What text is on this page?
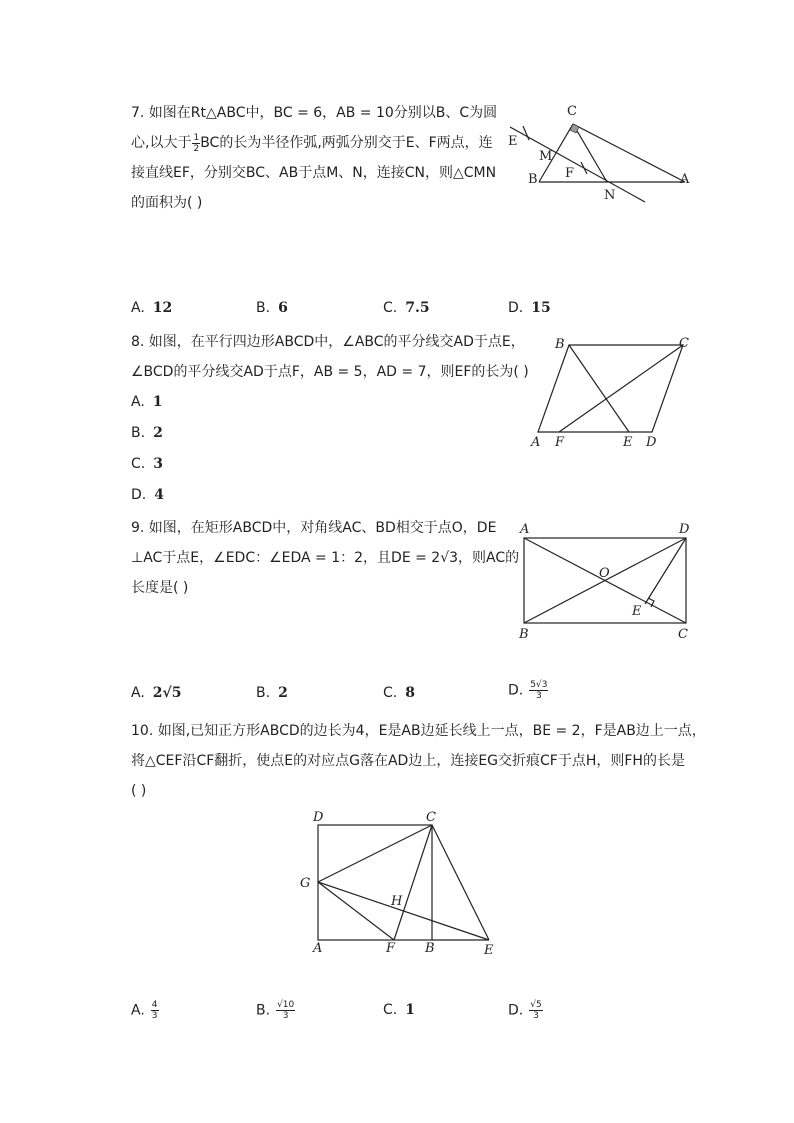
7. 如图在Rt△ABC中，BC = 6，AB = 10分别以B、C为圆
心,以大于 $\frac{1}{2}$ BC的长为半径作弧,两弧分别交于E、F两点，连
接直线EF，分别交BC、AB于点M、N，连接CN，则△CMN
的面积为( )
C
E
M
B F
N
A
A. 12	B. 6	C. 7.5	D. 15
8. 如图，在平行四边形ABCD中，∠ABC的平分线交AD于点E，
∠BCD的平分线交AD于点F，AB = 5，AD = 7，则EF的长为( )
A. 1
B. 2
C. 3
D. 4
B	C
A F	E D
9. 如图，在矩形ABCD中，对角线AC、BD相交于点O，DE
⊥AC于点E，∠EDC：∠EDA = 1：2，且DE = 2√3，则AC的
长度是( )
A	D
O
E
B	C
A. 2√5	B. 2	C. 8	D. $\frac{5√3}{3}$
10. 如图,已知正方形ABCD的边长为4，E是AB边延长线上一点，BE = 2，F是AB边上一点，
将△CEF沿CF翻折，使点E的对应点G落在AD边上，连接EG交折痕CF于点H，则FH的长是
( )
D	C
G
H
A	F B	E
A. $\frac{4}{3}$	B. $\frac{√10}{3}$	C. 1	D. $\frac{√5}{3}$
